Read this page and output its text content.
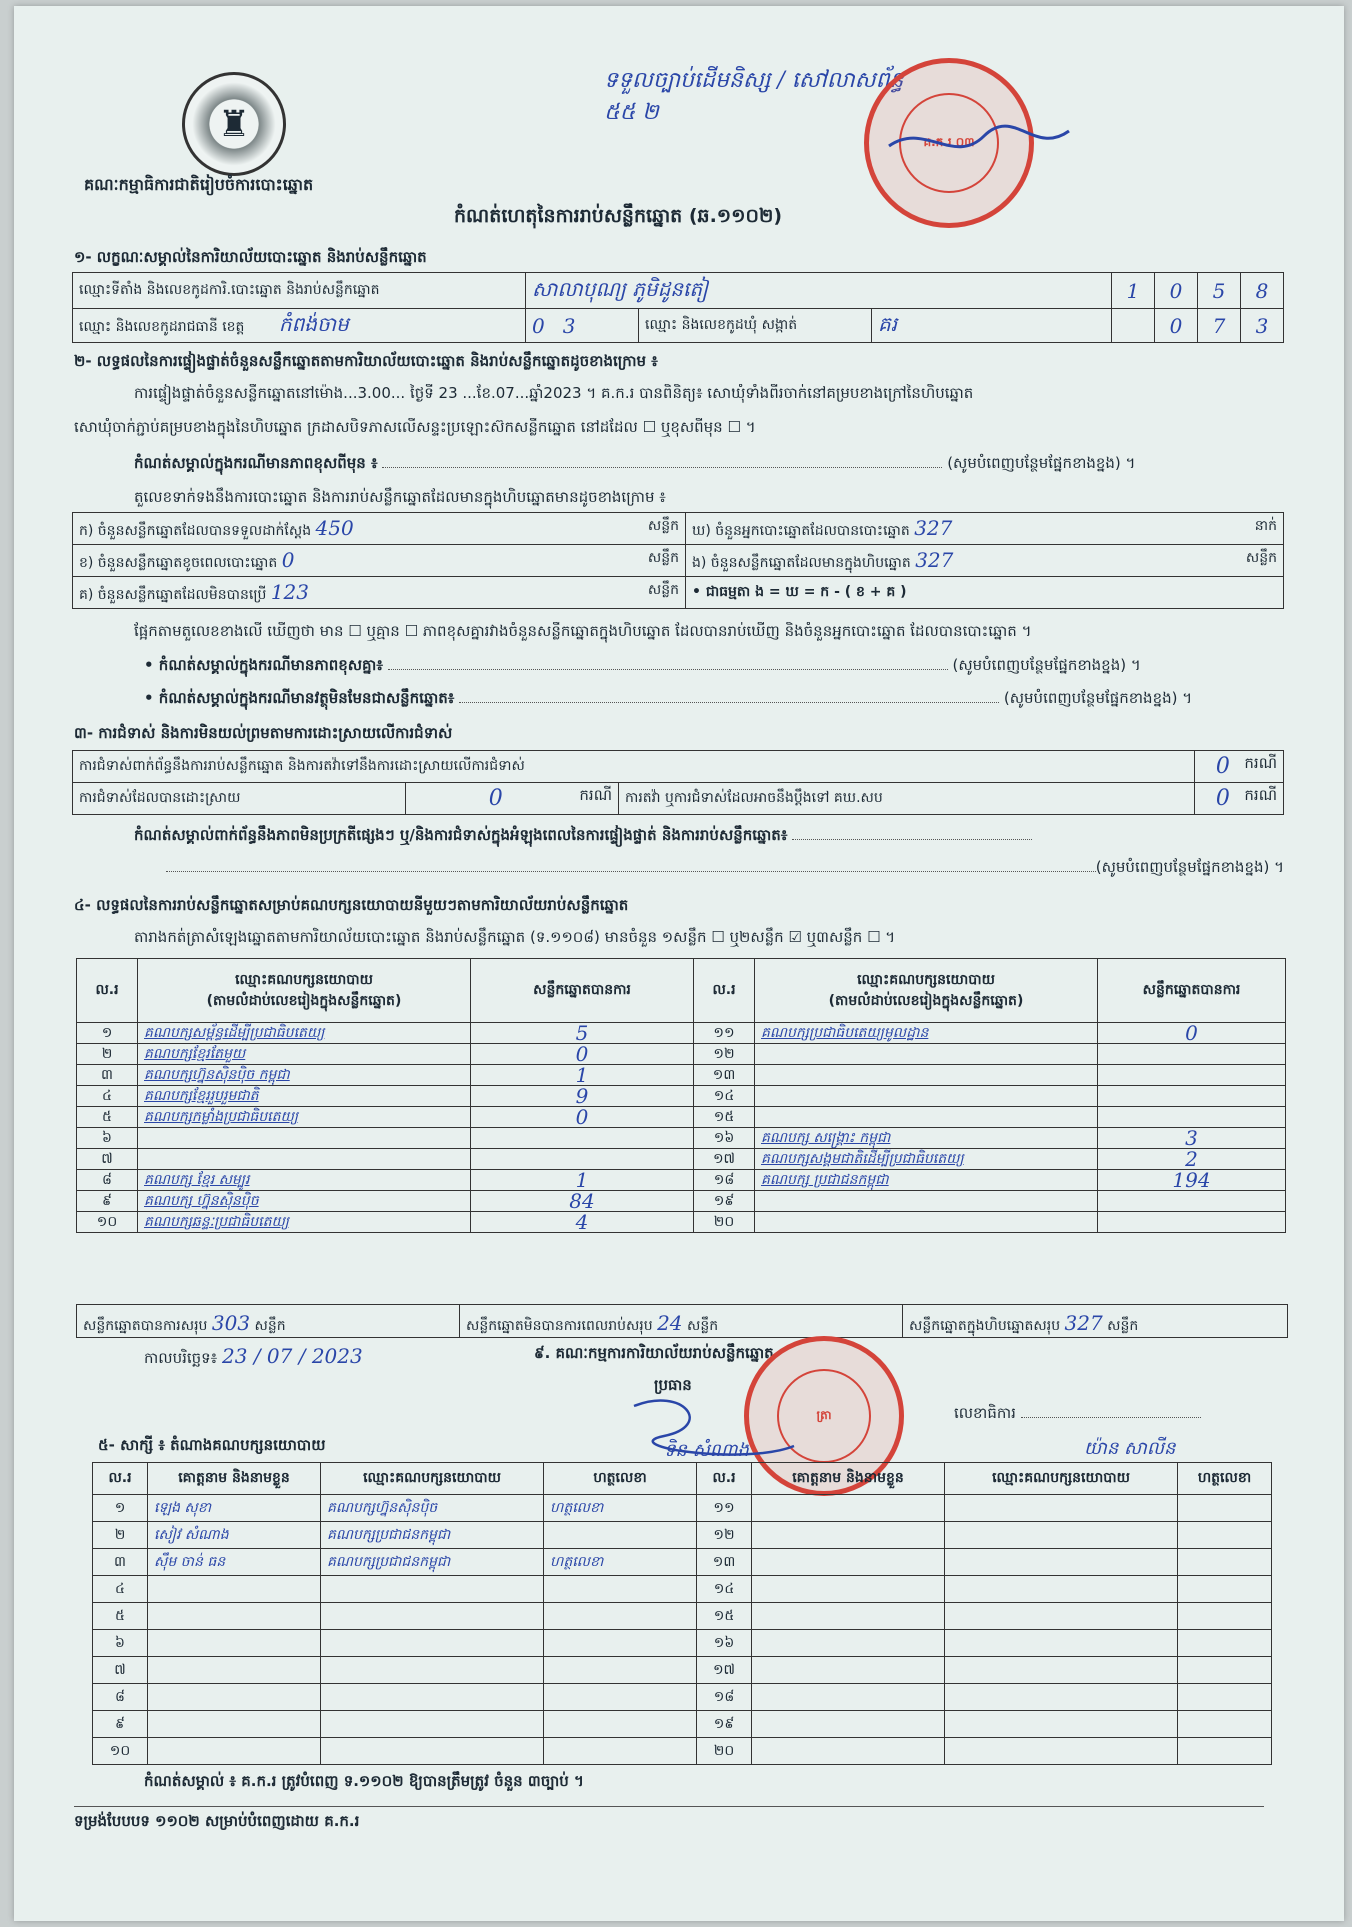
♜
គណៈកម្មាធិការជាតិរៀបចំការបោះឆ្នោត
ទទួលច្បាប់ដើមនិស្ស / សៅលាសព័ន្ធ ៥៥ ២
គ.ក.រ ០៣
កំណត់ហេតុនៃការរាប់សន្លឹកឆ្នោត (ឆ.១១០២)
១- លក្ខណៈសម្គាល់នៃការិយាល័យបោះឆ្នោត និងរាប់សន្លឹកឆ្នោត
ឈ្មោះទីតាំង និងលេខកូដការិ.បោះឆ្នោត និងរាប់សន្លឹកឆ្នោត	សាលាបុណ្យ ភូមិដូនតៀ			1	0	5	8
ឈ្មោះ និងលេខកូដរាជធានី ខេត្ត កំពង់ចាម	0 3	ឈ្មោះ និងលេខកូដឃុំ សង្កាត់	គរ		0	7	3
២- លទ្ធផលនៃការផ្ទៀងផ្ទាត់ចំនួនសន្លឹកឆ្នោតតាមការិយាល័យបោះឆ្នោត និងរាប់សន្លឹកឆ្នោតដូចខាងក្រោម ៖
ការផ្ទៀងផ្ទាត់ចំនួនសន្លឹកឆ្នោតនៅម៉ោង...3.00... ថ្ងៃទី 23 ...ខែ.07...ឆ្នាំ2023 ។ គ.ក.រ បានពិនិត្យ៖ សោឃុំទាំងពីរចាក់នៅគម្របខាងក្រៅនៃហិបឆ្នោត
សោឃុំចាក់ភ្ជាប់គម្របខាងក្នុងនៃហិបឆ្នោត ក្រដាសបិទភាសលើសន្ទះប្រឡោះស៊កសន្លឹកឆ្នោត នៅដដែល ☐ ឬខុសពីមុន ☐ ។
កំណត់សម្គាល់ក្នុងករណីមានភាពខុសពីមុន ៖	(សូមបំពេញបន្ថែមផ្នែកខាងខ្នង) ។
តួលេខទាក់ទងនឹងការបោះឆ្នោត និងការរាប់សន្លឹកឆ្នោតដែលមានក្នុងហិបឆ្នោតមានដូចខាងក្រោម ៖
ក) ចំនួនសន្លឹកឆ្នោតដែលបានទទួលដាក់ស្តែង 450 សន្លឹក	ឃ) ចំនួនអ្នកបោះឆ្នោតដែលបានបោះឆ្នោត 327 នាក់

ខ) ចំនួនសន្លឹកឆ្នោតខូចពេលបោះឆ្នោត 0 សន្លឹក	ង) ចំនួនសន្លឹកឆ្នោតដែលមានក្នុងហិបឆ្នោត 327 សន្លឹក

គ) ចំនួនសន្លឹកឆ្នោតដែលមិនបានប្រើ 123 សន្លឹក	• ជាធម្មតា ង = ឃ = ក - ( ខ + គ )
ផ្អែកតាមតួលេខខាងលើ ឃើញថា មាន ☐ ឬគ្មាន ☐ ភាពខុសគ្នារវាងចំនួនសន្លឹកឆ្នោតក្នុងហិបឆ្នោត ដែលបានរាប់ឃើញ និងចំនួនអ្នកបោះឆ្នោត ដែលបានបោះឆ្នោត ។
• កំណត់សម្គាល់ក្នុងករណីមានភាពខុសគ្នា៖	(សូមបំពេញបន្ថែមផ្នែកខាងខ្នង) ។
• កំណត់សម្គាល់ក្នុងករណីមានវត្ថុមិនមែនជាសន្លឹកឆ្នោត៖	(សូមបំពេញបន្ថែមផ្នែកខាងខ្នង) ។
៣- ការជំទាស់ និងការមិនយល់ព្រមតាមការដោះស្រាយលើការជំទាស់
ការជំទាស់ពាក់ព័ន្ធនឹងការរាប់សន្លឹកឆ្នោត និងការតវ៉ាទៅនឹងការដោះស្រាយលើការជំទាស់			0 ករណី

ការជំទាស់ដែលបានដោះស្រាយ	0 ករណី	ការតវ៉ា ឬការជំទាស់ដែលអាចនឹងប្តឹងទៅ គឃ.សប	0 ករណី
កំណត់សម្គាល់ពាក់ព័ន្ធនឹងភាពមិនប្រក្រតីផ្សេងៗ ឬ/និងការជំទាស់ក្នុងអំឡុងពេលនៃការផ្ទៀងផ្ទាត់ និងការរាប់សន្លឹកឆ្នោត៖
(សូមបំពេញបន្ថែមផ្នែកខាងខ្នង) ។
៤- លទ្ធផលនៃការរាប់សន្លឹកឆ្នោតសម្រាប់គណបក្សនយោបាយនីមួយៗតាមការិយាល័យរាប់សន្លឹកឆ្នោត
តារាងកត់ត្រាសំឡេងឆ្នោតតាមការិយាល័យបោះឆ្នោត និងរាប់សន្លឹកឆ្នោត (ទ.១១០៨) មានចំនួន ១សន្លឹក ☐ ឬ២សន្លឹក ☑ ឬ៣សន្លឹក ☐ ។
ល.រ	ឈ្មោះគណបក្សនយោបាយ
(តាមលំដាប់លេខរៀងក្នុងសន្លឹកឆ្នោត)	សន្លឹកឆ្នោតបានការ	ល.រ	ឈ្មោះគណបក្សនយោបាយ
(តាមលំដាប់លេខរៀងក្នុងសន្លឹកឆ្នោត)	សន្លឹកឆ្នោតបានការ
១	គណបក្សសម្ព័ន្ធដើម្បីប្រជាធិបតេយ្យ	5	១១	គណបក្សប្រជាធិបតេយ្យមូលដ្ឋាន	0
២	គណបក្សខ្មែរតែមួយ	0	១២		
៣	គណបក្សហ្វ៊ុនស៊ិនប៉ិច កម្ពុជា	1	១៣		
៤	គណបក្សខ្មែររួបរួមជាតិ	9	១៤		
៥	គណបក្សកម្លាំងប្រជាធិបតេយ្យ	0	១៥		
៦			១៦	គណបក្ស សង្គ្រោះ កម្ពុជា	3
៧			១៧	គណបក្សសង្គមជាតិដើម្បីប្រជាធិបតេយ្យ	2
៨	គណបក្ស ខ្មែរ សម្បូរ	1	១៨	គណបក្ស ប្រជាជនកម្ពុជា	194
៩	គណបក្ស ហ្វ៊ុនស៊ិនប៉ិច	84	១៩		
១០	គណបក្សឆន្ទៈប្រជាធិបតេយ្យ	4	២០		
សន្លឹកឆ្នោតបានការសរុប 303 សន្លឹក	សន្លឹកឆ្នោតមិនបានការពេលរាប់សរុប 24 សន្លឹក	សន្លឹកឆ្នោតក្នុងហិបឆ្នោតសរុប 327 សន្លឹក
កាលបរិច្ឆេទ៖ 23 / 07 / 2023	៩. គណៈកម្មការការិយាល័យរាប់សន្លឹកឆ្នោត
ប្រធាន
ត្រា
ទិន សំណាង
លេខាធិការ
យ៉ាន សាលីន
៥- សាក្សី ៖ តំណាងគណបក្សនយោបាយ
ល.រ	គោត្តនាម និងនាមខ្លួន	ឈ្មោះគណបក្សនយោបាយ	ហត្ថលេខា	ល.រ	គោត្តនាម និងនាមខ្លួន	ឈ្មោះគណបក្សនយោបាយ	ហត្ថលេខា
១	ឡេង សុខា	គណបក្សហ្វ៊ុនស៊ិនប៉ិច	ហត្ថលេខា	១១			
២	សៀវ សំណាង	គណបក្សប្រជាជនកម្ពុជា		១២			
៣	ស៊ឹម ចាន់ ធន	គណបក្សប្រជាជនកម្ពុជា	ហត្ថលេខា	១៣			
៤				១៤			
៥				១៥			
៦				១៦			
៧				១៧			
៨				១៨			
៩				១៩			
១០				២០			
កំណត់សម្គាល់ ៖ គ.ក.រ ត្រូវបំពេញ ទ.១១០២ ឱ្យបានត្រឹមត្រូវ ចំនួន ៣ច្បាប់ ។
ទម្រង់បែបបទ ១១០២ សម្រាប់បំពេញដោយ គ.ក.រ
